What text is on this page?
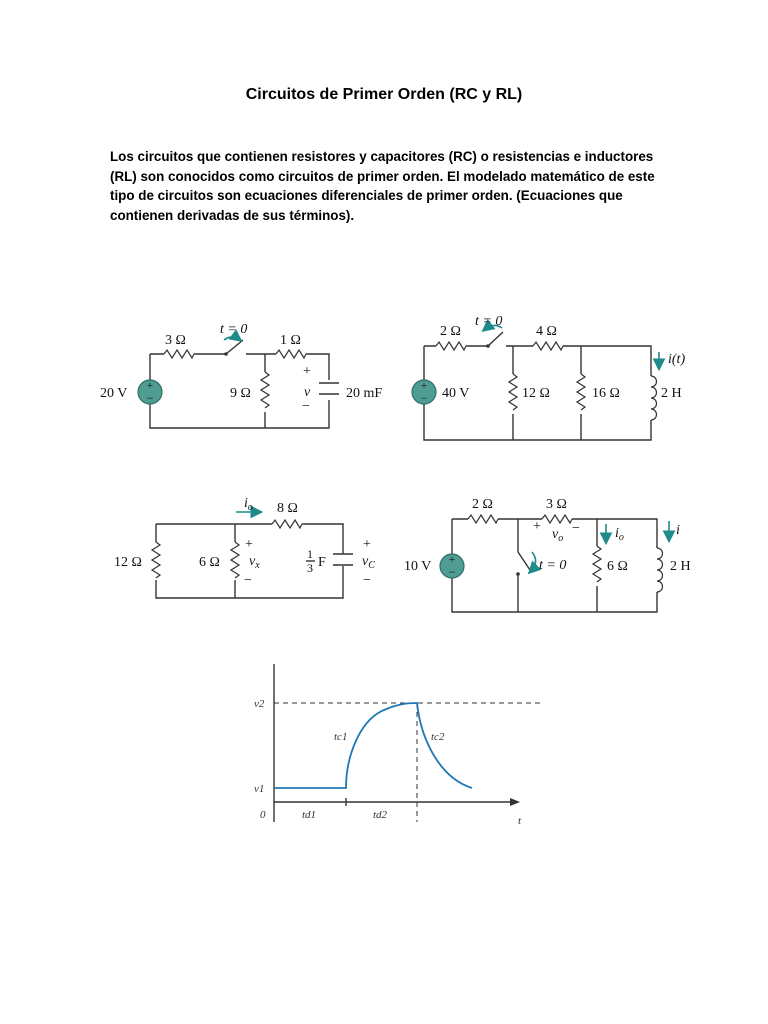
Circuitos de Primer Orden (RC y RL)
Los circuitos que contienen resistores y capacitores (RC) o resistencias e inductores
(RL) son conocidos como circuitos de primer orden. El modelado matemático de este
tipo de circuitos son ecuaciones diferenciales de primer orden. (Ecuaciones que
contienen derivadas de sus términos).
+
−
20 V
3 Ω
t = 0
1 Ω
9 Ω
+
v
−
20 mF	+
− 40 V
2 Ω
t = 0
4 Ω
12 Ω	16 Ω	2 H
i(t)
12 Ω	6 Ω
8 Ω
$i_o$
+
$v_x$
−
1
3 F
+
$v_C$
−
+
−
10 V
2 Ω	3 Ω
+
$v_o$
−
t = 0	6 Ω
$i_o$
2 H
i
v2
v1
0
tc1	tc2
td1	td2	t
